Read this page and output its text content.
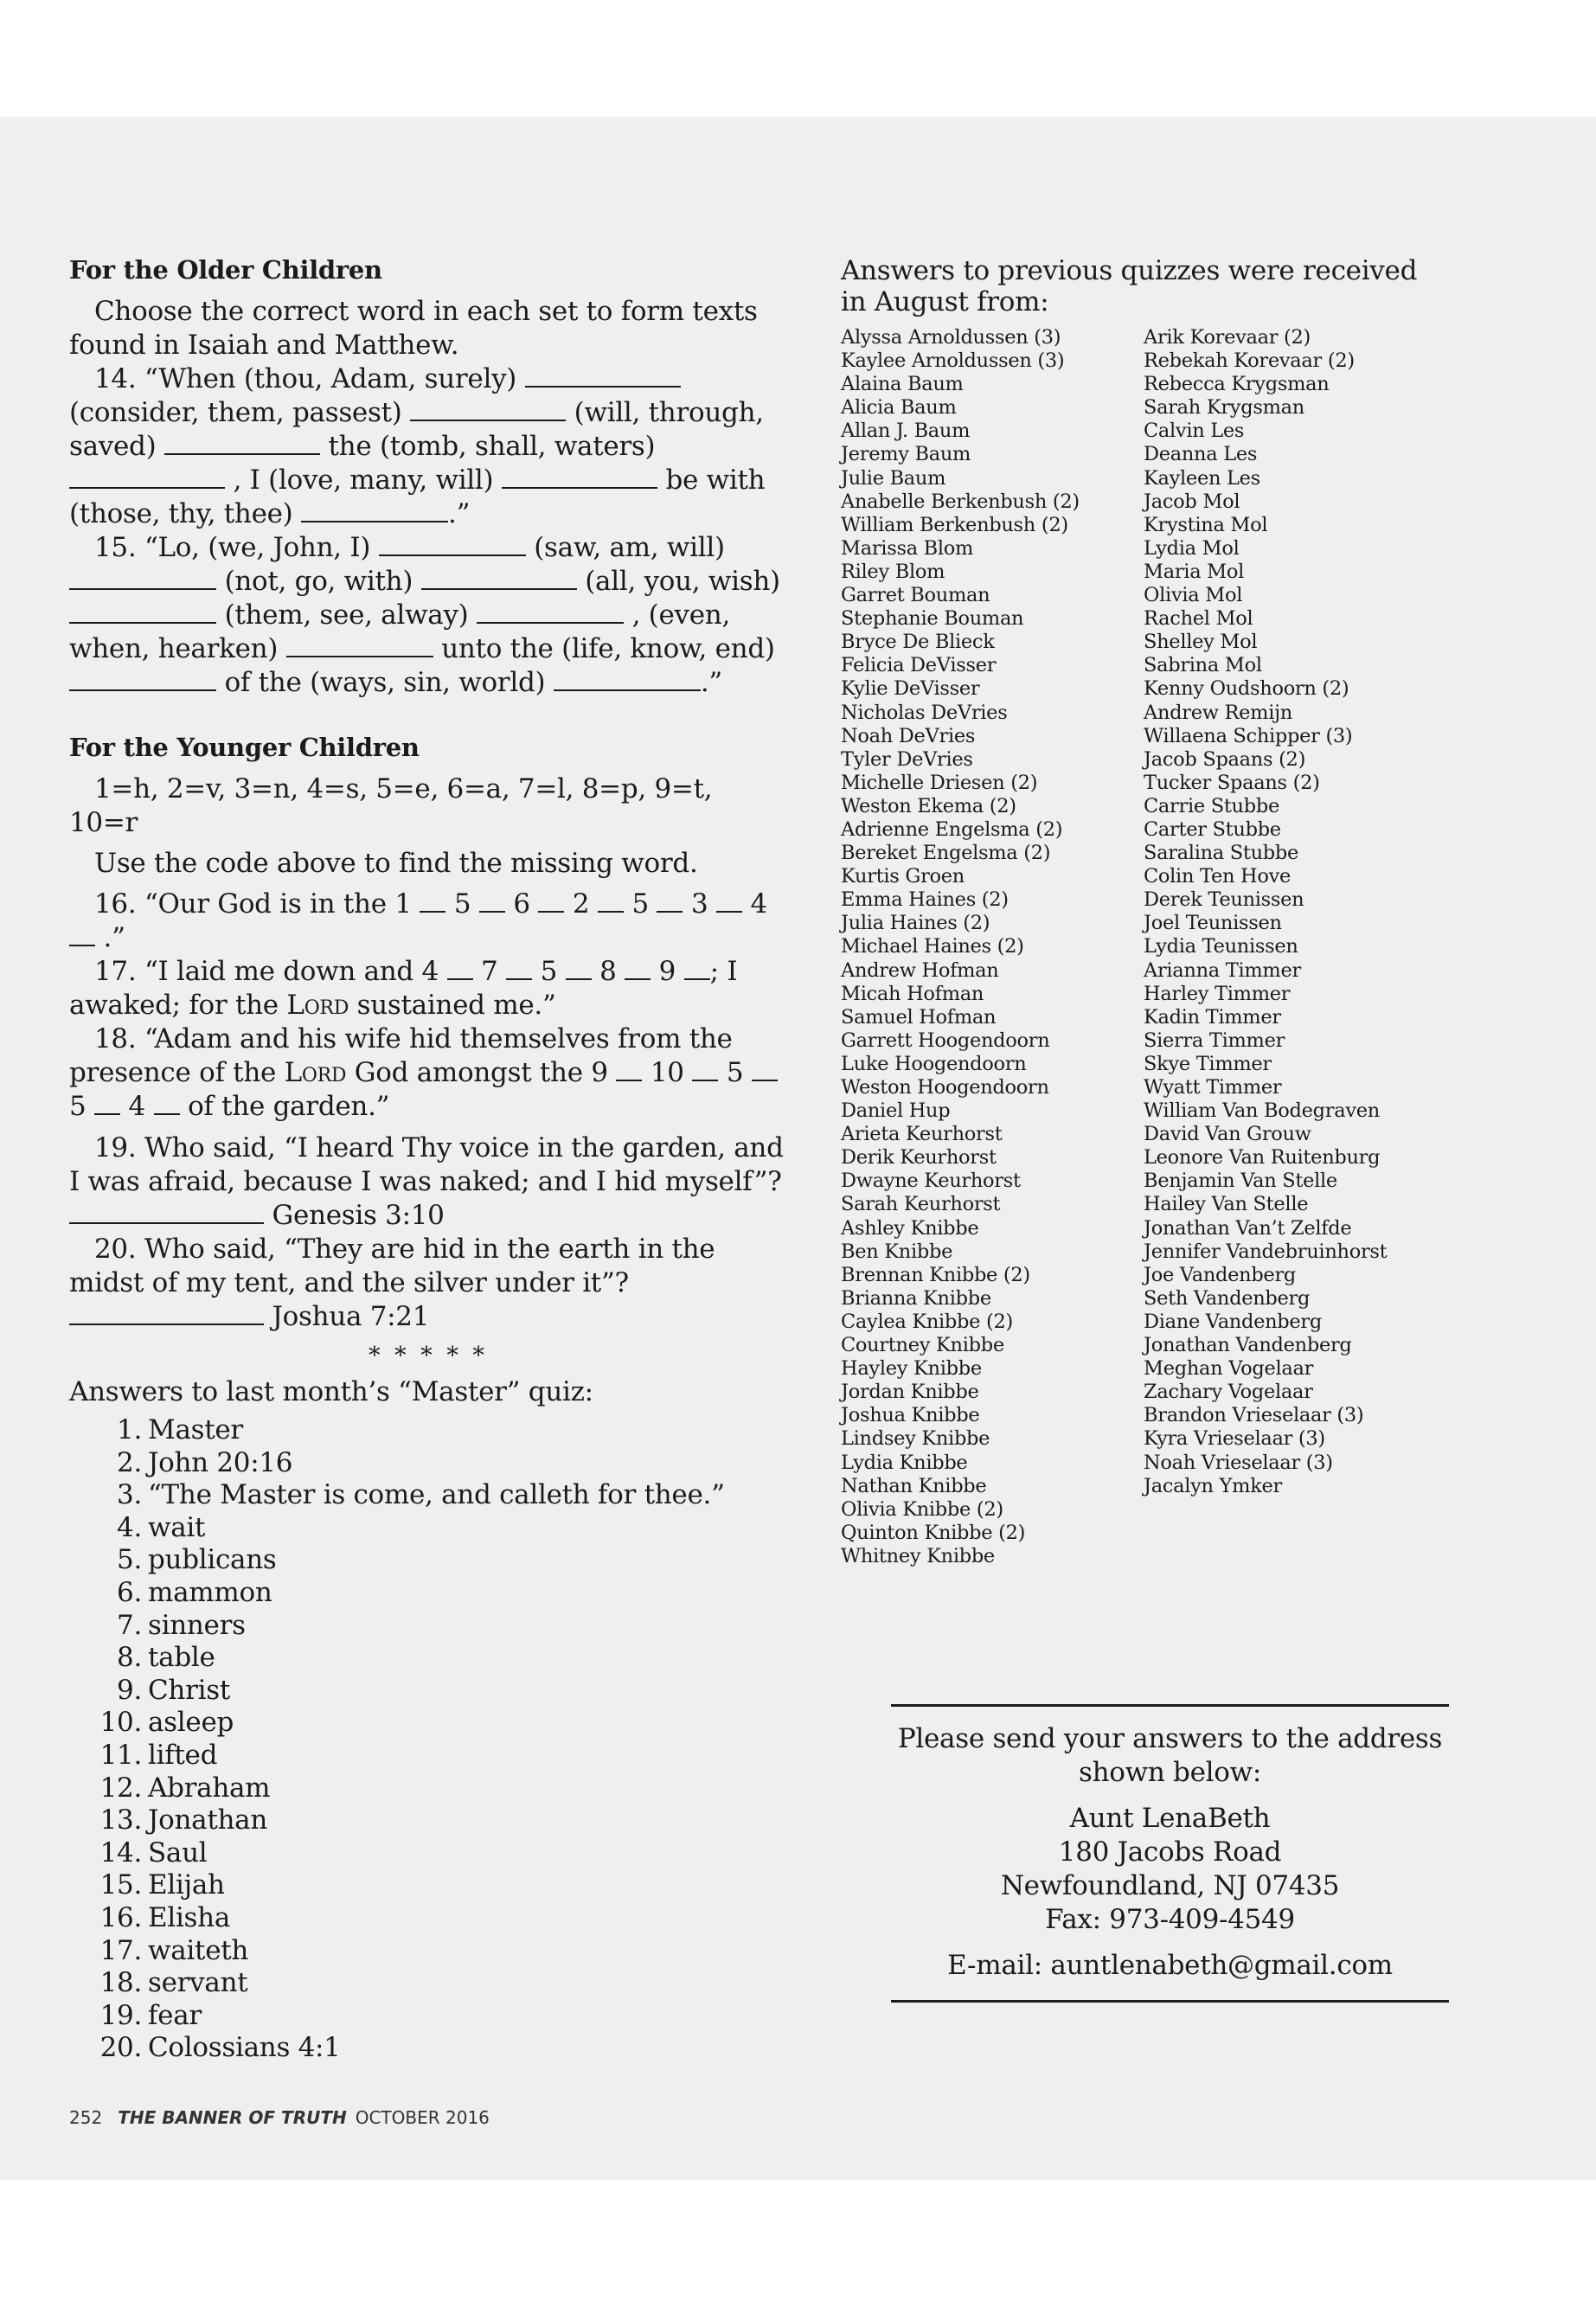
For the Older Children

Choose the correct word in each set to form texts found in Isaiah and Matthew.

14. “When (thou, Adam, surely)  (consider, them, passest)	(will, through, saved)	the (tomb, shall, waters)  , I (love, many, will)	be with (those, thy, thee)	.”

15. “Lo, (we, John, I)	(saw, am, will)  (not, go, with)	(all, you, wish)  (them, see, alway)	, (even, when, hearken)	unto the (life, know, end)  of the (ways, sin, world)	.”

For the Younger Children

1=h, 2=v, 3=n, 4=s, 5=e, 6=a, 7=l, 8=p, 9=t, 10=r

Use the code above to find the missing word.

16. “Our God is in the 1  5  6  2  5  3  4  .”

17. “I laid me down and 4  7  5  8  9 ; I awaked; for the Lord sustained me.”

18. “Adam and his wife hid themselves from the presence of the Lord God amongst the 9  10  5  5  4  of the garden.”

19. Who said, “I heard Thy voice in the garden, and I was afraid, because I was naked; and I hid myself”?  Genesis 3:10

20. Who said, “They are hid in the earth in the midst of my tent, and the silver under it”?  Joshua 7:21

* * * * *

Answers to last month’s “Master” quiz:

1. Master
2. John 20:16
3. “The Master is come, and calleth for thee.”
4. wait
5. publicans
6. mammon
7. sinners
8. table
9. Christ
10. asleep
11. lifted
12. Abraham
13. Jonathan
14. Saul
15. Elijah
16. Elisha
17. waiteth
18. servant
19. fear
20. Colossians 4:1

Answers to previous quizzes were received in August from:

Alyssa Arnoldussen (3)
Kaylee Arnoldussen (3)
Alaina Baum
Alicia Baum
Allan J. Baum
Jeremy Baum
Julie Baum
Anabelle Berkenbush (2)
William Berkenbush (2)
Marissa Blom
Riley Blom
Garret Bouman
Stephanie Bouman
Bryce De Blieck
Felicia DeVisser
Kylie DeVisser
Nicholas DeVries
Noah DeVries
Tyler DeVries
Michelle Driesen (2)
Weston Ekema (2)
Adrienne Engelsma (2)
Bereket Engelsma (2)
Kurtis Groen
Emma Haines (2)
Julia Haines (2)
Michael Haines (2)
Andrew Hofman
Micah Hofman
Samuel Hofman
Garrett Hoogendoorn
Luke Hoogendoorn
Weston Hoogendoorn
Daniel Hup
Arieta Keurhorst
Derik Keurhorst
Dwayne Keurhorst
Sarah Keurhorst
Ashley Knibbe
Ben Knibbe
Brennan Knibbe (2)
Brianna Knibbe
Caylea Knibbe (2)
Courtney Knibbe
Hayley Knibbe
Jordan Knibbe
Joshua Knibbe
Lindsey Knibbe
Lydia Knibbe
Nathan Knibbe
Olivia Knibbe (2)
Quinton Knibbe (2)
Whitney Knibbe
Arik Korevaar (2)
Rebekah Korevaar (2)
Rebecca Krygsman
Sarah Krygsman
Calvin Les
Deanna Les
Kayleen Les
Jacob Mol
Krystina Mol
Lydia Mol
Maria Mol
Olivia Mol
Rachel Mol
Shelley Mol
Sabrina Mol
Kenny Oudshoorn (2)
Andrew Remijn
Willaena Schipper (3)
Jacob Spaans (2)
Tucker Spaans (2)
Carrie Stubbe
Carter Stubbe
Saralina Stubbe
Colin Ten Hove
Derek Teunissen
Joel Teunissen
Lydia Teunissen
Arianna Timmer
Harley Timmer
Kadin Timmer
Sierra Timmer
Skye Timmer
Wyatt Timmer
William Van Bodegraven
David Van Grouw
Leonore Van Ruitenburg
Benjamin Van Stelle
Hailey Van Stelle
Jonathan Van’t Zelfde
Jennifer Vandebruinhorst
Joe Vandenberg
Seth Vandenberg
Diane Vandenberg
Jonathan Vandenberg
Meghan Vogelaar
Zachary Vogelaar
Brandon Vrieselaar (3)
Kyra Vrieselaar (3)
Noah Vrieselaar (3)
Jacalyn Ymker

Please send your answers to the address shown below:

Aunt LenaBeth

180 Jacobs Road

Newfoundland, NJ 07435

Fax: 973-409-4549

E-mail: auntlenabeth@gmail.com

252 THE BANNER OF TRUTH OCTOBER 2016
